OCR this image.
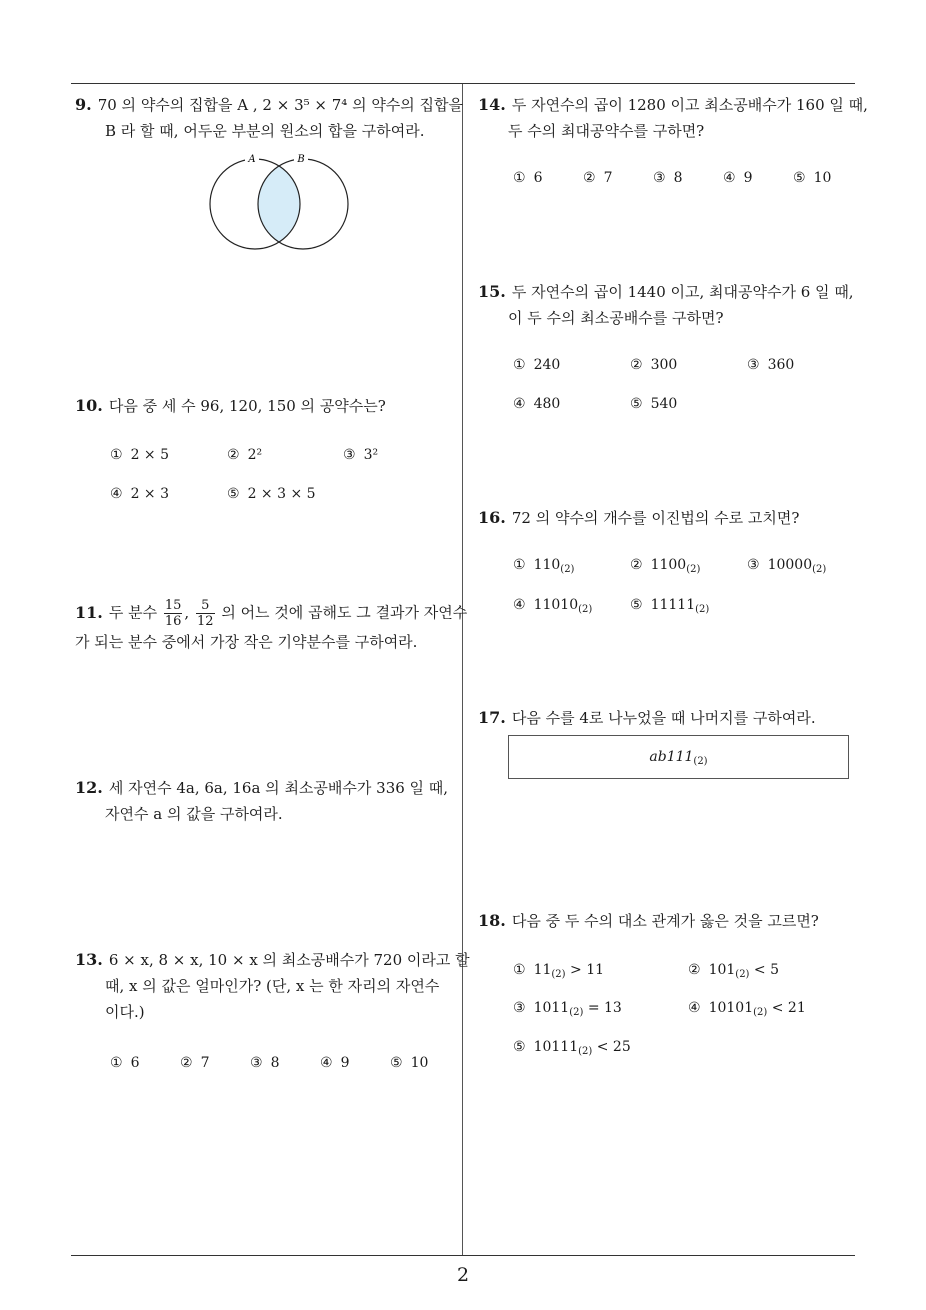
9. 70 의 약수의 집합을 A , 2 × 3⁵ × 7⁴ 의 약수의 집합을
B 라 할 때, 어두운 부분의 원소의 합을 구하여라.
A	B
10. 다음 중 세 수 96, 120, 150 의 공약수는?
① 2 × 5	② 2²	③ 3²
④ 2 × 3	⑤ 2 × 3 × 5
11. 두 분수 $\frac{15}{16}$ , $\frac{5}{12}$ 의 어느 것에 곱해도 그 결과가 자연수
가 되는 분수 중에서 가장 작은 기약분수를 구하여라.
12. 세 자연수 4a, 6a, 16a 의 최소공배수가 336 일 때,
자연수 a 의 값을 구하여라.
13. 6 × x, 8 × x, 10 × x 의 최소공배수가 720 이라고 할
때, x 의 값은 얼마인가? (단, x 는 한 자리의 자연수
이다.)
① 6	② 7	③ 8	④ 9	⑤ 10
14. 두 자연수의 곱이 1280 이고 최소공배수가 160 일 때,
두 수의 최대공약수를 구하면?
① 6	② 7	③ 8	④ 9	⑤ 10
15. 두 자연수의 곱이 1440 이고, 최대공약수가 6 일 때,
이 두 수의 최소공배수를 구하면?
① 240	② 300	③ 360
④ 480	⑤ 540
16. 72 의 약수의 개수를 이진법의 수로 고치면?
① $110_{(2)}$	② $1100_{(2)}$	③ $10000_{(2)}$
④ $11010_{(2)}$	⑤ $11111_{(2)}$
17. 다음 수를 4로 나누었을 때 나머지를 구하여라.
$ab111_{(2)}$
18. 다음 중 두 수의 대소 관계가 옳은 것을 고르면?
① $11_{(2)} > 11$	② $101_{(2)} < 5$
③ $1011_{(2)} = 13$	④ $10101_{(2)} < 21$
⑤ $10111_{(2)} < 25$
2
